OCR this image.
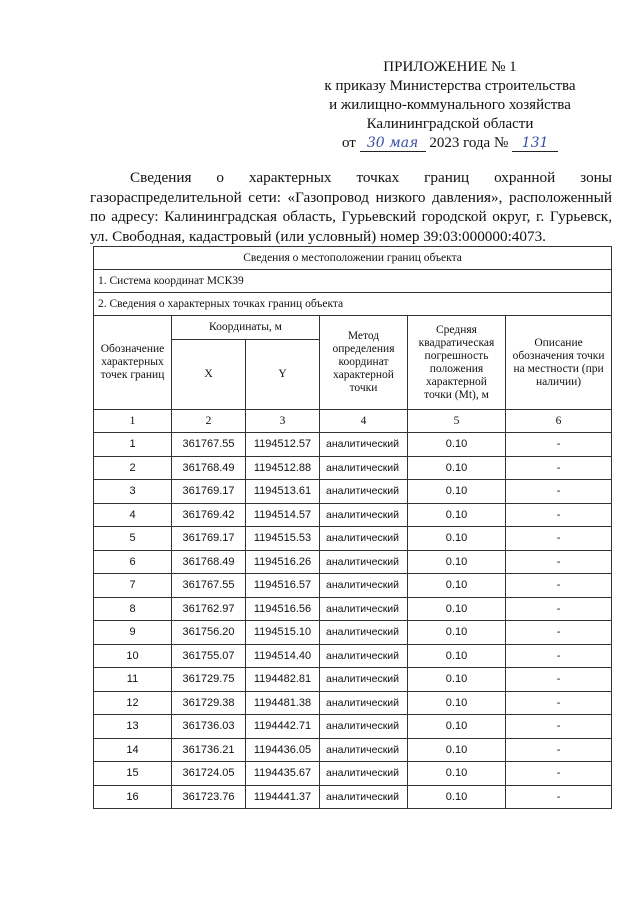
ПРИЛОЖЕНИЕ № 1
к приказу Министерства строительства
и жилищно-коммунального хозяйства
Калининградской области
от 30 мая 2023 года № 131
Сведения о характерных точках границ охранной зоны газораспределительной сети: «Газопровод низкого давления», расположенный по адресу: Калининградская область, Гурьевский городской округ, г. Гурьевск, ул. Свободная, кадастровый (или условный) номер 39:03:000000:4073.
Сведения о местоположении границ объекта					
1. Система координат МСК39					
2. Сведения о характерных точках границ объекта					
Обозначение характерных точек границ	Координаты, м		Метод определения координат характерной точки	Средняя квадратическая погрешность положения характерной точки (Mt), м	Описание обозначения точки на местности (при наличии)
	X	Y			
1	2	3	4	5	6
1	361767.55	1194512.57	аналитический	0.10	-
2	361768.49	1194512.88	аналитический	0.10	-
3	361769.17	1194513.61	аналитический	0.10	-
4	361769.42	1194514.57	аналитический	0.10	-
5	361769.17	1194515.53	аналитический	0.10	-
6	361768.49	1194516.26	аналитический	0.10	-
7	361767.55	1194516.57	аналитический	0.10	-
8	361762.97	1194516.56	аналитический	0.10	-
9	361756.20	1194515.10	аналитический	0.10	-
10	361755.07	1194514.40	аналитический	0.10	-
11	361729.75	1194482.81	аналитический	0.10	-
12	361729.38	1194481.38	аналитический	0.10	-
13	361736.03	1194442.71	аналитический	0.10	-
14	361736.21	1194436.05	аналитический	0.10	-
15	361724.05	1194435.67	аналитический	0.10	-
16	361723.76	1194441.37	аналитический	0.10	-
